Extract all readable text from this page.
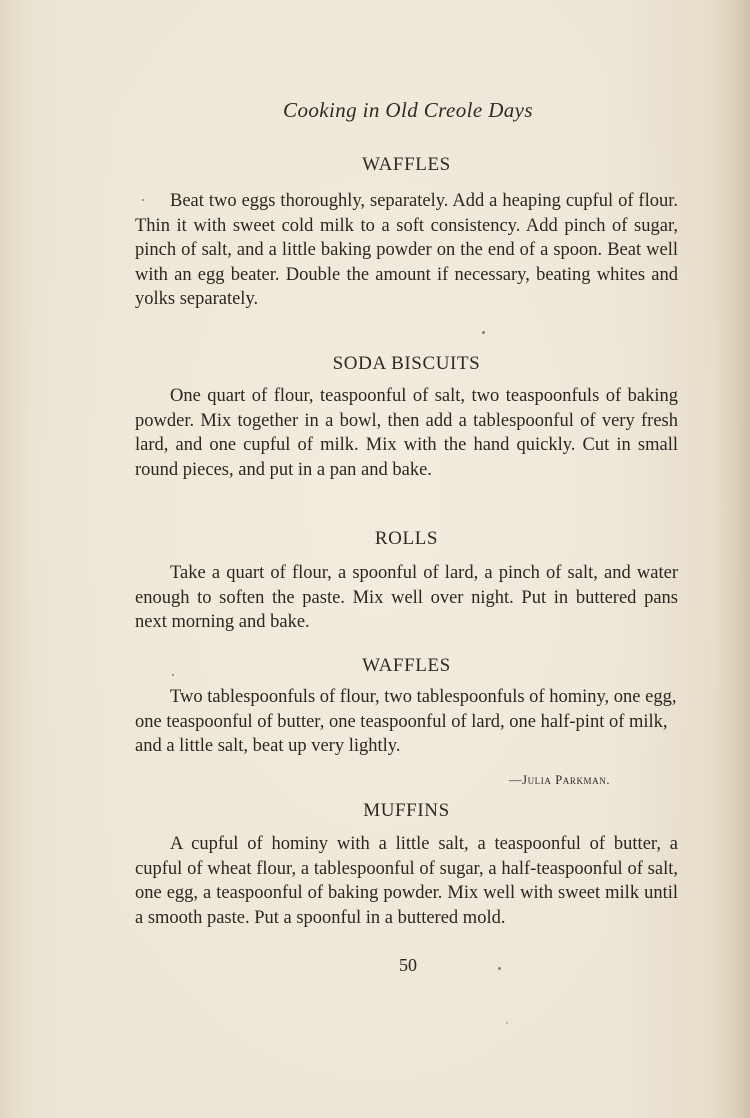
Cooking in Old Creole Days
WAFFLES
Beat two eggs thoroughly, separately. Add a heaping cupful of flour. Thin it with sweet cold milk to a soft consistency. Add pinch of sugar, pinch of salt, and a little baking powder on the end of a spoon. Beat well with an egg beater. Double the amount if necessary, beating whites and yolks separately.
SODA BISCUITS
One quart of flour, teaspoonful of salt, two teaspoonfuls of baking powder. Mix together in a bowl, then add a tablespoonful of very fresh lard, and one cupful of milk. Mix with the hand quickly. Cut in small round pieces, and put in a pan and bake.
ROLLS
Take a quart of flour, a spoonful of lard, a pinch of salt, and water enough to soften the paste. Mix well over night. Put in buttered pans next morning and bake.
WAFFLES
Two tablespoonfuls of flour, two tablespoonfuls of hominy, one egg, one teaspoonful of butter, one teaspoonful of lard, one half-pint of milk, and a little salt, beat up very lightly.
—Julia Parkman.
MUFFINS
A cupful of hominy with a little salt, a teaspoonful of butter, a cupful of wheat flour, a tablespoonful of sugar, a half-teaspoonful of salt, one egg, a teaspoonful of baking powder. Mix well with sweet milk until a smooth paste. Put a spoonful in a buttered mold.
50
